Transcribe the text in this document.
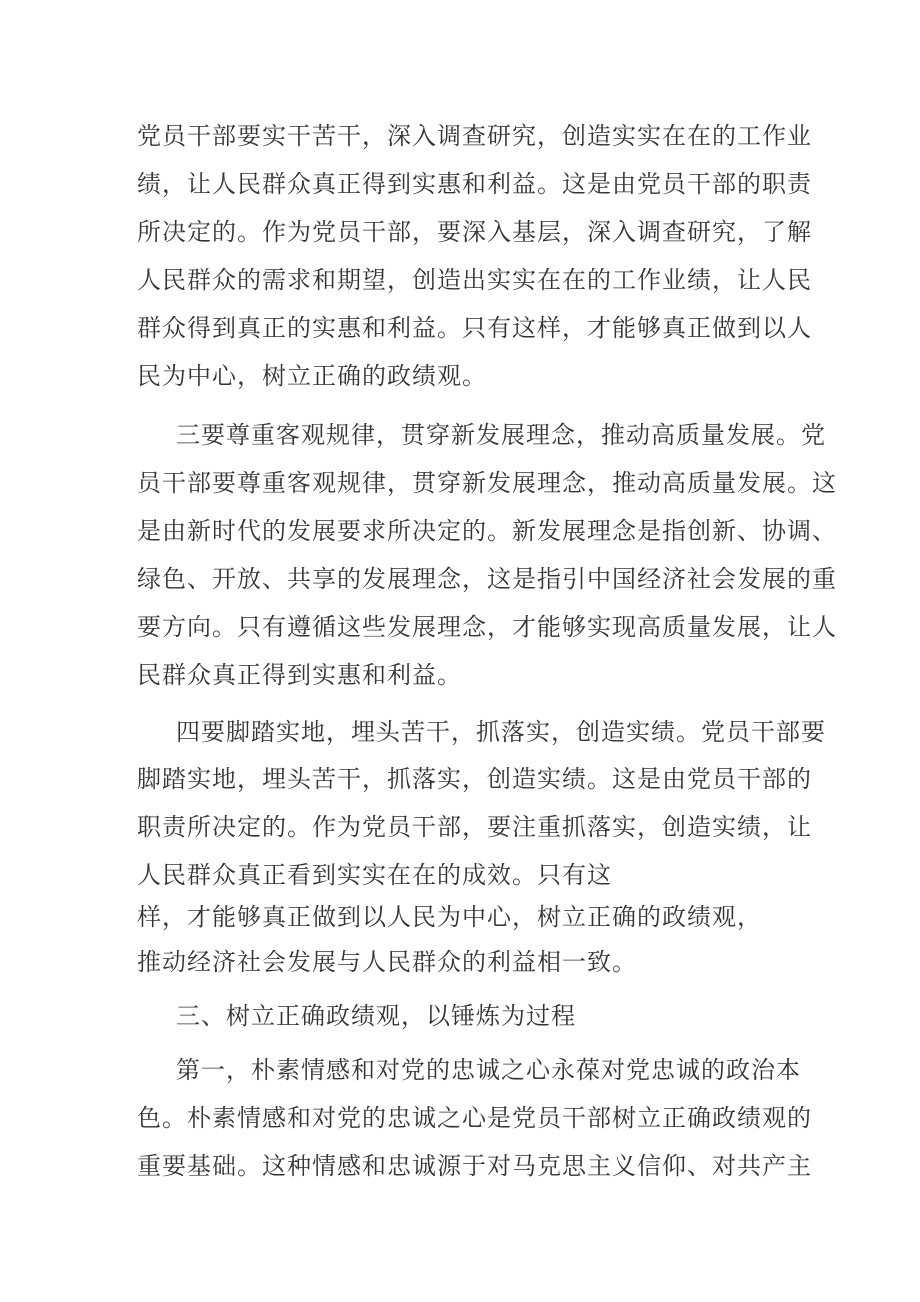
党员干部要实干苦干，深入调查研究，创造实实在在的工作业
绩，让人民群众真正得到实惠和利益。这是由党员干部的职责
所决定的。作为党员干部，要深入基层，深入调查研究，了解
人民群众的需求和期望，创造出实实在在的工作业绩，让人民
群众得到真正的实惠和利益。只有这样，才能够真正做到以人
民为中心，树立正确的政绩观。
三要尊重客观规律，贯穿新发展理念，推动高质量发展。党
员干部要尊重客观规律，贯穿新发展理念，推动高质量发展。这
是由新时代的发展要求所决定的。新发展理念是指创新、协调、
绿色、开放、共享的发展理念，这是指引中国经济社会发展的重
要方向。只有遵循这些发展理念，才能够实现高质量发展，让人
民群众真正得到实惠和利益。
四要脚踏实地，埋头苦干，抓落实，创造实绩。党员干部要
脚踏实地，埋头苦干，抓落实，创造实绩。这是由党员干部的
职责所决定的。作为党员干部，要注重抓落实，创造实绩，让
人民群众真正看到实实在在的成效。只有这
样，才能够真正做到以人民为中心，树立正确的政绩观，
推动经济社会发展与人民群众的利益相一致。
三、树立正确政绩观，以锤炼为过程
第一，朴素情感和对党的忠诚之心永葆对党忠诚的政治本
色。朴素情感和对党的忠诚之心是党员干部树立正确政绩观的
重要基础。这种情感和忠诚源于对马克思主义信仰、对共产主
